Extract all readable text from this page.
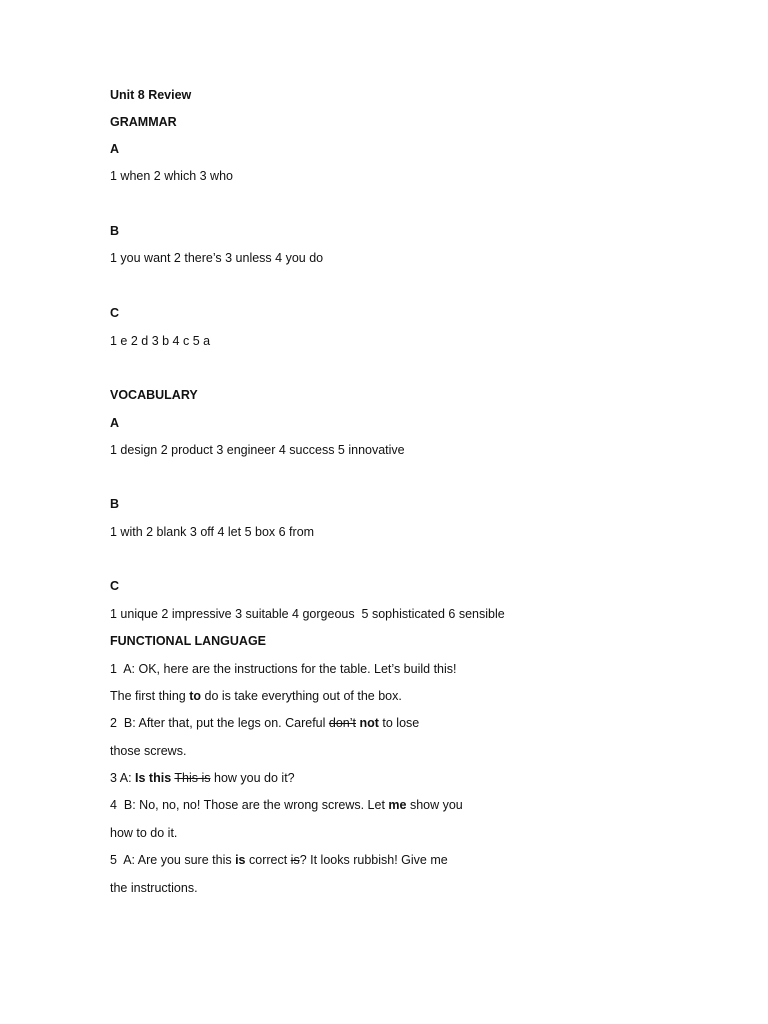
Unit 8 Review
GRAMMAR
A
1 when 2 which 3 who
B
1 you want 2 there’s 3 unless 4 you do
C
1 e 2 d 3 b 4 c 5 a
VOCABULARY
A
1 design 2 product 3 engineer 4 success 5 innovative
B
1 with 2 blank 3 off 4 let 5 box 6 from
C
1 unique 2 impressive 3 suitable 4 gorgeous  5 sophisticated 6 sensible
FUNCTIONAL LANGUAGE
1  A: OK, here are the instructions for the table. Let’s build this!
The first thing to do is take everything out of the box.
2  B: After that, put the legs on. Careful don’t not to lose
those screws.
3 A: Is this This is how you do it?
4  B: No, no, no! Those are the wrong screws. Let me show you
how to do it.
5  A: Are you sure this is correct is? It looks rubbish! Give me
the instructions.
